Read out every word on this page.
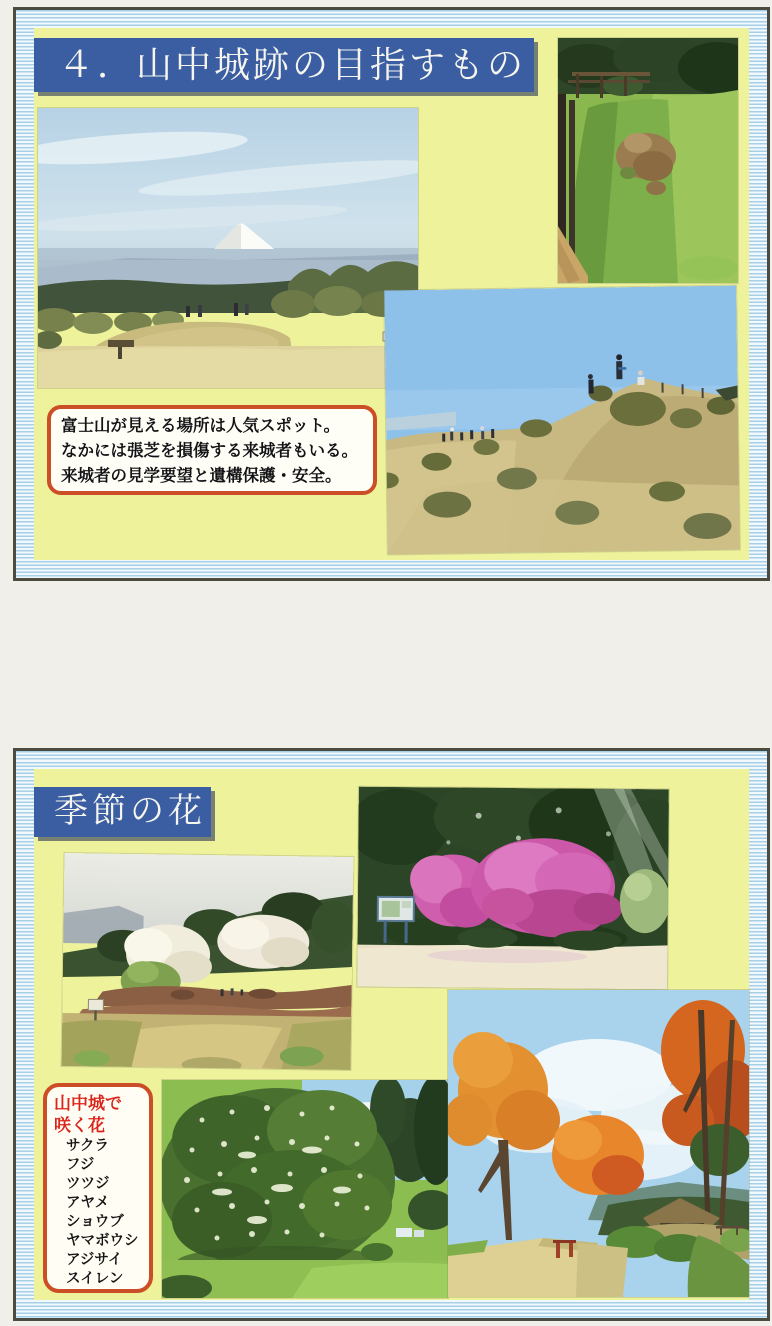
４．山中城跡の目指すもの
富士山が見える場所は人気スポット。
なかには張芝を損傷する来城者もいる。
来城者の見学要望と遺構保護・安全。
季節の花
山中城で
咲く花
サクラ
フジ
ツツジ
アヤメ
ショウブ
ヤマボウシ
アジサイ
スイレン
